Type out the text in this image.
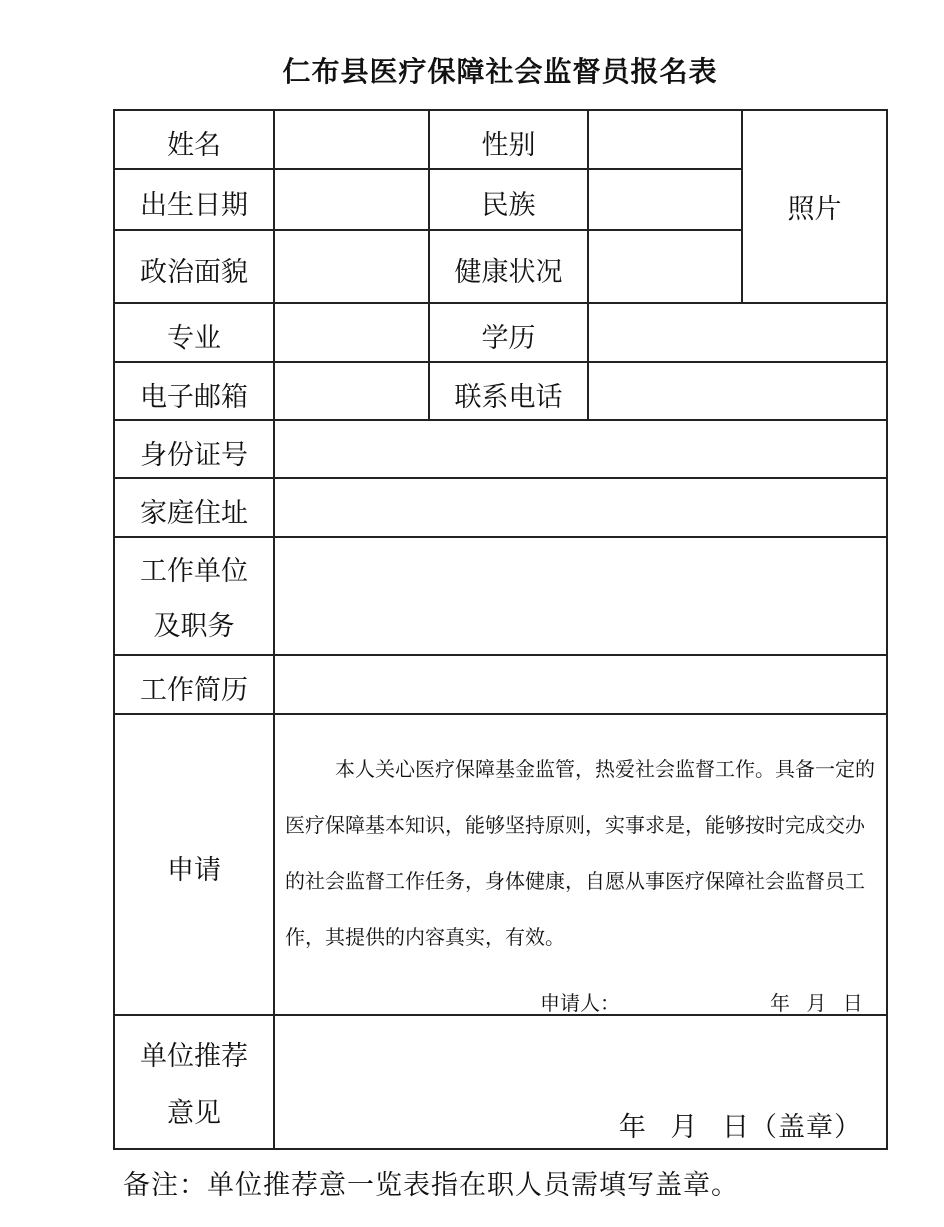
仁布县医疗保障社会监督员报名表
姓名		性别		照片
出生日期		民族		
政治面貌		健康状况		
专业		学历		
电子邮箱		联系电话		
身份证号				
家庭住址				

工作单位
及职务				

工作简历				
申请	本人关心医疗保障基金监管，热爱社会监督工作。具备一定的医疗保障基本知识，能够坚持原则，实事求是，能够按时完成交办的社会监督工作任务，身体健康，自愿从事医疗保障社会监督员工作，其提供的内容真实，有效。
申请人： 年 月 日			

单位推荐
意见	年 月 日（盖章）			
备注：单位推荐意一览表指在职人员需填写盖章。
